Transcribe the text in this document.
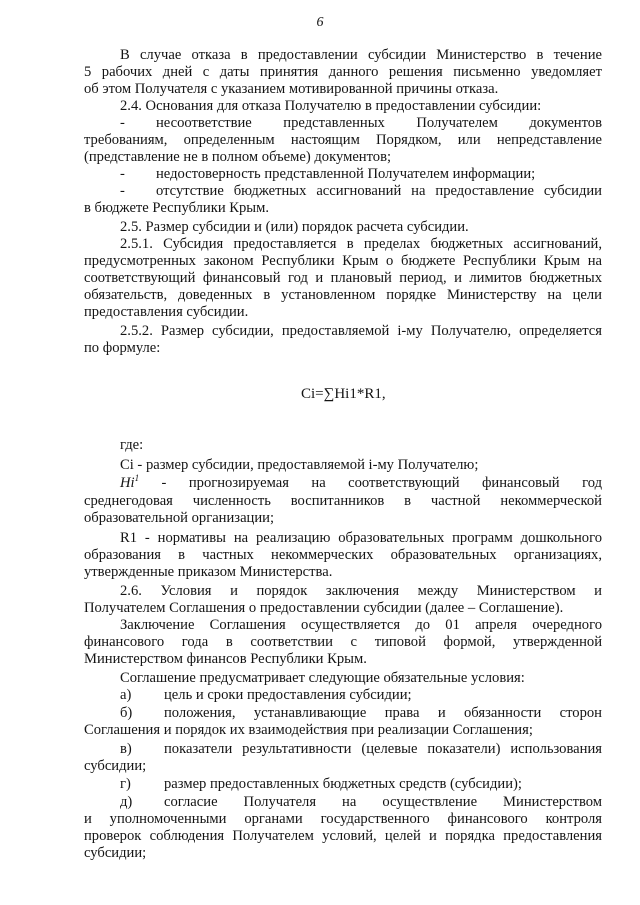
6
В случае отказа в предоставлении субсидии Министерство в течение
5 рабочих дней с даты принятия данного решения письменно уведомляет
об этом Получателя с указанием мотивированной причины отказа.
2.4. Основания для отказа Получателю в предоставлении субсидии:
- несоответствие представленных Получателем документов
требованиям, определенным настоящим Порядком, или непредставление
(представление не в полном объеме) документов;
- недостоверность представленной Получателем информации;
- отсутствие бюджетных ассигнований на предоставление субсидии
в бюджете Республики Крым.
2.5. Размер субсидии и (или) порядок расчета субсидии.
2.5.1. Субсидия предоставляется в пределах бюджетных ассигнований,
предусмотренных законом Республики Крым о бюджете Республики Крым на
соответствующий финансовый год и плановый период, и лимитов бюджетных
обязательств, доведенных в установленном порядке Министерству на цели
предоставления субсидии.
2.5.2. Размер субсидии, предоставляемой i-му Получателю, определяется
по формуле:
где:
Сi - размер субсидии, предоставляемой i-му Получателю;
среднегодовая численность воспитанников в частной некоммерческой
образовательной организации;
R1 - нормативы на реализацию образовательных программ дошкольного
образования в частных некоммерческих образовательных организациях,
утвержденные приказом Министерства.
2.6. Условия и порядок заключения между Министерством и
Получателем Соглашения о предоставлении субсидии (далее – Соглашение).
Заключение Соглашения осуществляется до 01 апреля очередного
финансового года в соответствии с типовой формой, утвержденной
Министерством финансов Республики Крым.
Соглашение предусматривает следующие обязательные условия:
а) цель и сроки предоставления субсидии;
б) положения, устанавливающие права и обязанности сторон
Соглашения и порядок их взаимодействия при реализации Соглашения;
в) показатели результативности (целевые показатели) использования
субсидии;
г) размер предоставленных бюджетных средств (субсидии);
д) согласие Получателя на осуществление Министерством
и уполномоченными органами государственного финансового контроля
проверок соблюдения Получателем условий, целей и порядка предоставления
субсидии;
Сi=∑Hi1*R1,
Hi$^1$ - прогнозируемая на соответствующий финансовый год
